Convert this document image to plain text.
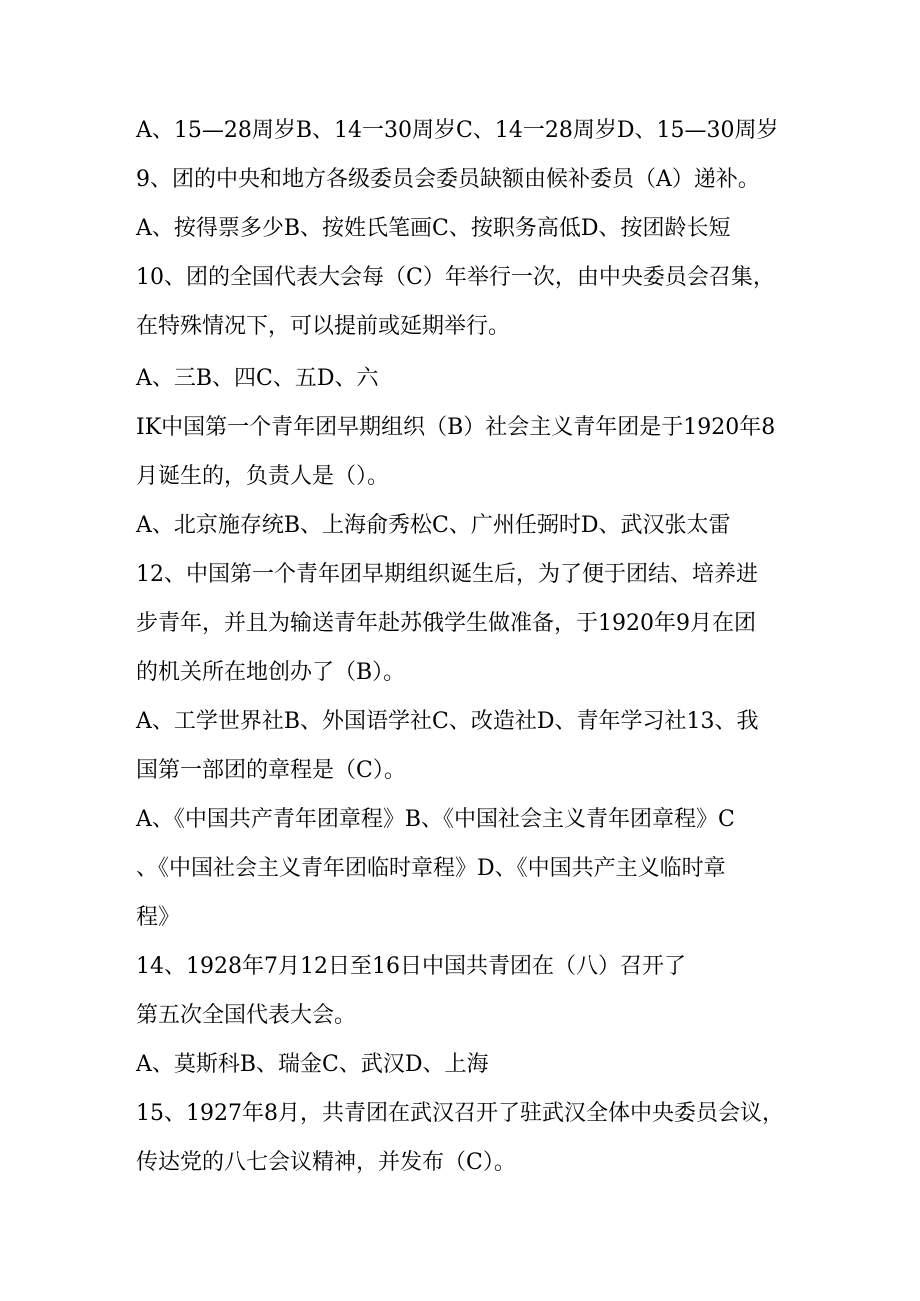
A、15—28周岁B、14一30周岁C、14一28周岁D、15—30周岁
9、团的中央和地方各级委员会委员缺额由候补委员（A）递补。
A、按得票多少B、按姓氏笔画C、按职务高低D、按团龄长短
10、团的全国代表大会每（C）年举行一次，由中央委员会召集，
在特殊情况下，可以提前或延期举行。
A、三B、四C、五D、六
IK中国第一个青年团早期组织（B）社会主义青年团是于1920年8
月诞生的，负责人是（）。
A、北京施存统B、上海俞秀松C、广州任弼时D、武汉张太雷
12、中国第一个青年团早期组织诞生后，为了便于团结、培养进
步青年，并且为输送青年赴苏俄学生做准备，于1920年9月在团
的机关所在地创办了（B）。
A、工学世界社B、外国语学社C、改造社D、青年学习社13、我
国第一部团的章程是（C）。
A、《中国共产青年团章程》B、《中国社会主义青年团章程》C
、《中国社会主义青年团临时章程》D、《中国共产主义临时章
程》
14、1928年7月12日至16日中国共青团在（八）召开了
第五次全国代表大会。
A、莫斯科B、瑞金C、武汉D、上海
15、1927年8月，共青团在武汉召开了驻武汉全体中央委员会议，
传达党的八七会议精神，并发布（C）。
